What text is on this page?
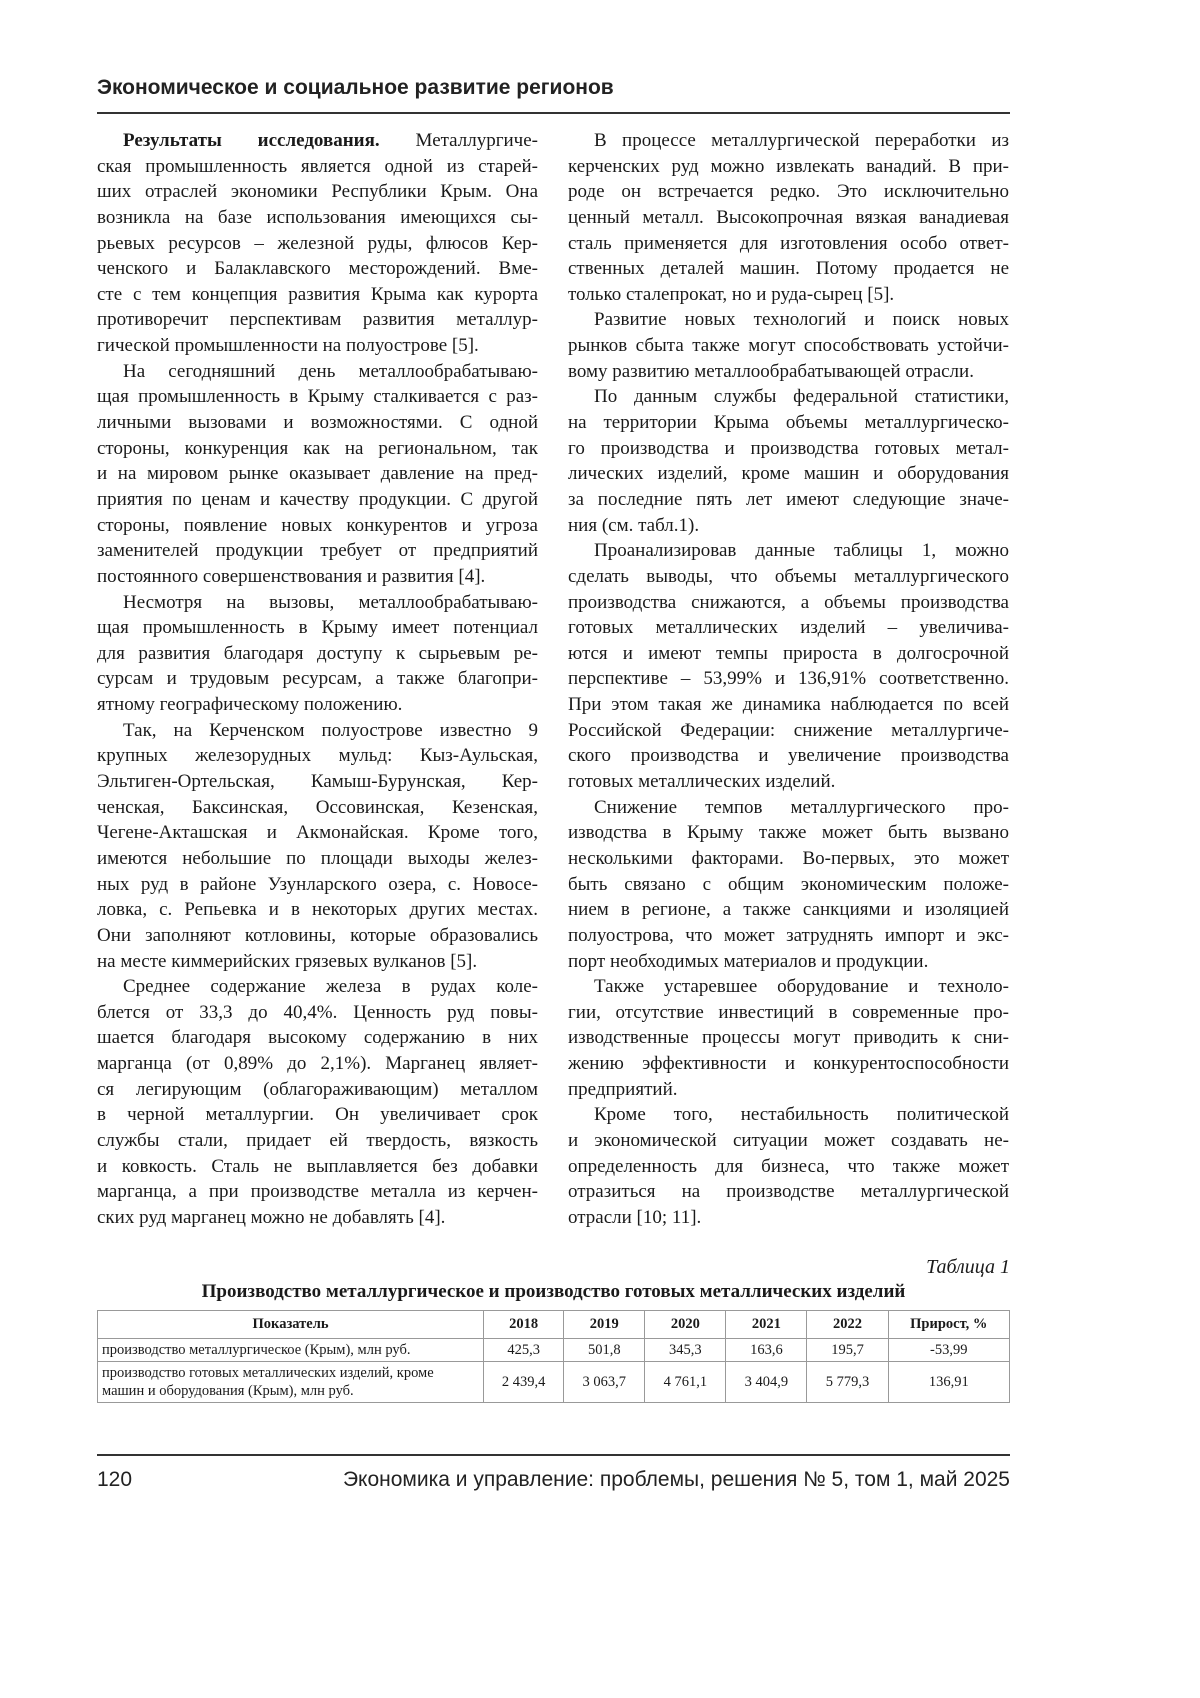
Экономическое и социальное развитие регионов
Результаты исследования. Металлургиче-
ская промышленность является одной из старей-
ших отраслей экономики Республики Крым. Она
возникла на базе использования имеющихся сы-
рьевых ресурсов – железной руды, флюсов Кер-
ченского и Балаклавского месторождений. Вме-
сте с тем концепция развития Крыма как курорта
противоречит перспективам развития металлур-
гической промышленности на полуострове [5].
На сегодняшний день металлообрабатываю-
щая промышленность в Крыму сталкивается с раз-
личными вызовами и возможностями. С одной
стороны, конкуренция как на региональном, так
и на мировом рынке оказывает давление на пред-
приятия по ценам и качеству продукции. С другой
стороны, появление новых конкурентов и угроза
заменителей продукции требует от предприятий
постоянного совершенствования и развития [4].
Несмотря на вызовы, металлообрабатываю-
щая промышленность в Крыму имеет потенциал
для развития благодаря доступу к сырьевым ре-
сурсам и трудовым ресурсам, а также благопри-
ятному географическому положению.
Так, на Керченском полуострове известно 9
крупных железорудных мульд: Кыз-Аульская,
Эльтиген-Ортельская, Камыш-Бурунская, Кер-
ченская, Баксинская, Оссовинская, Кезенская,
Чегене-Акташская и Акмонайская. Кроме того,
имеются небольшие по площади выходы желез-
ных руд в районе Узунларского озера, с. Новосе-
ловка, с. Репьевка и в некоторых других местах.
Они заполняют котловины, которые образовались
на месте киммерийских грязевых вулканов [5].
Среднее содержание железа в рудах коле-
блется от 33,3 до 40,4%. Ценность руд повы-
шается благодаря высокому содержанию в них
марганца (от 0,89% до 2,1%). Марганец являет-
ся легирующим (облагораживающим) металлом
в черной металлургии. Он увеличивает срок
службы стали, придает ей твердость, вязкость
и ковкость. Сталь не выплавляется без добавки
марганца, а при производстве металла из керчен-
ских руд марганец можно не добавлять [4].
В процессе металлургической переработки из
керченских руд можно извлекать ванадий. В при-
роде он встречается редко. Это исключительно
ценный металл. Высокопрочная вязкая ванадиевая
сталь применяется для изготовления особо ответ-
ственных деталей машин. Потому продается не
только сталепрокат, но и руда-сырец [5].
Развитие новых технологий и поиск новых
рынков сбыта также могут способствовать устойчи-
вому развитию металлообрабатывающей отрасли.
По данным службы федеральной статистики,
на территории Крыма объемы металлургическо-
го производства и производства готовых метал-
лических изделий, кроме машин и оборудования
за последние пять лет имеют следующие значе-
ния (см. табл.1).
Проанализировав данные таблицы 1, можно
сделать выводы, что объемы металлургического
производства снижаются, а объемы производства
готовых металлических изделий – увеличива-
ются и имеют темпы прироста в долгосрочной
перспективе – 53,99% и 136,91% соответственно.
При этом такая же динамика наблюдается по всей
Российской Федерации: снижение металлургиче-
ского производства и увеличение производства
готовых металлических изделий.
Снижение темпов металлургического про-
изводства в Крыму также может быть вызвано
несколькими факторами. Во-первых, это может
быть связано с общим экономическим положе-
нием в регионе, а также санкциями и изоляцией
полуострова, что может затруднять импорт и экс-
порт необходимых материалов и продукции.
Также устаревшее оборудование и техноло-
гии, отсутствие инвестиций в современные про-
изводственные процессы могут приводить к сни-
жению эффективности и конкурентоспособности
предприятий.
Кроме того, нестабильность политической
и экономической ситуации может создавать не-
определенность для бизнеса, что также может
отразиться на производстве металлургической
отрасли [10; 11].
Таблица 1
Производство металлургическое и производство готовых металлических изделий
Показатель	2018	2019	2020	2021	2022	Прирост, %
производство металлургическое (Крым), млн руб.	425,3	501,8	345,3	163,6	195,7	-53,99
производство готовых металлических изделий, кроме машин и оборудования (Крым), млн руб.	2 439,4	3 063,7	4 761,1	3 404,9	5 779,3	136,91
120	Экономика и управление: проблемы, решения № 5, том 1, май 2025
